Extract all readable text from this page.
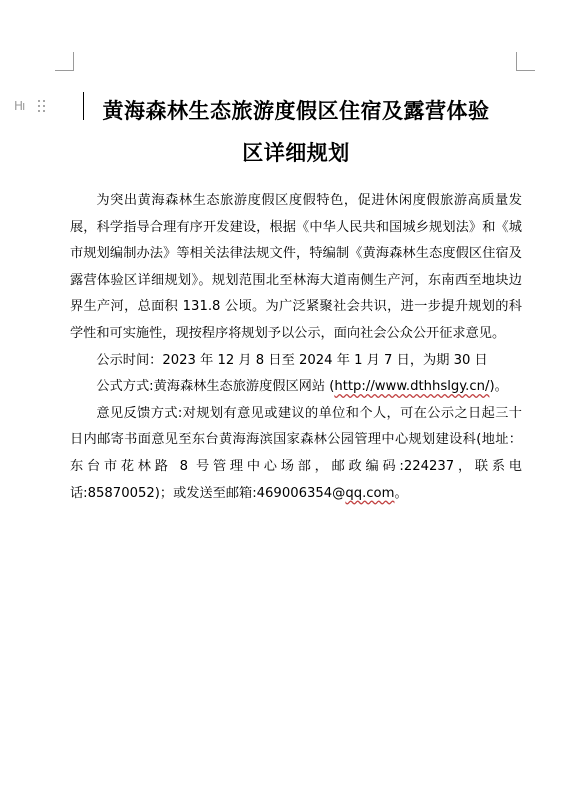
Hı	黄海森林生态旅游度假区住宿及露营体验
区详细规划

为突出黄海森林生态旅游度假区度假特色，促进休闲度假旅游高质量发展，科学指导合理有序开发建设，根据《中华人民共和国城乡规划法》和《城市规划编制办法》等相关法律法规文件，特编制《黄海森林生态度假区住宿及露营体验区详细规划》。规划范围北至林海大道南侧生产河，东南西至地块边界生产河，总面积 131.8 公顷。为广泛紧聚社会共识，进一步提升规划的科学性和可实施性，现按程序将规划予以公示，面向社会公众公开征求意见。

公示时间：2023 年 12 月 8 日至 2024 年 1 月 7 日，为期 30 日

公式方式:黄海森林生态旅游度假区网站 (http://www.dthhslgy.cn/)。

意见反馈方式:对规划有意见或建议的单位和个人，可在公示之日起三十日内邮寄书面意见至东台黄海海滨国家森林公园管理中心规划建设科(地址：东台市花林路 8 号管理中心场部，邮政编码:224237，联系电话:85870052)；或发送至邮箱:469006354@qq.com。
